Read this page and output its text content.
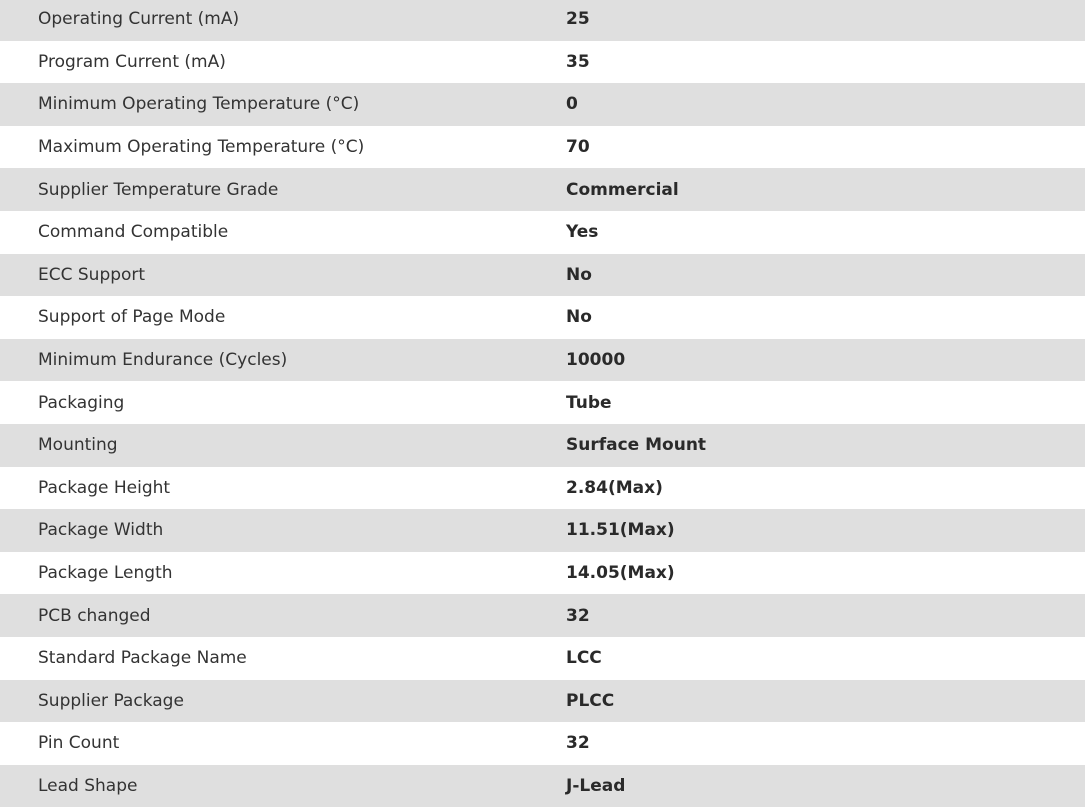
Operating Current (mA)	25
Program Current (mA)	35
Minimum Operating Temperature (°C)	0
Maximum Operating Temperature (°C)	70
Supplier Temperature Grade	Commercial
Command Compatible	Yes
ECC Support	No
Support of Page Mode	No
Minimum Endurance (Cycles)	10000
Packaging	Tube
Mounting	Surface Mount
Package Height	2.84(Max)
Package Width	11.51(Max)
Package Length	14.05(Max)
PCB changed	32
Standard Package Name	LCC
Supplier Package	PLCC
Pin Count	32
Lead Shape	J-Lead
